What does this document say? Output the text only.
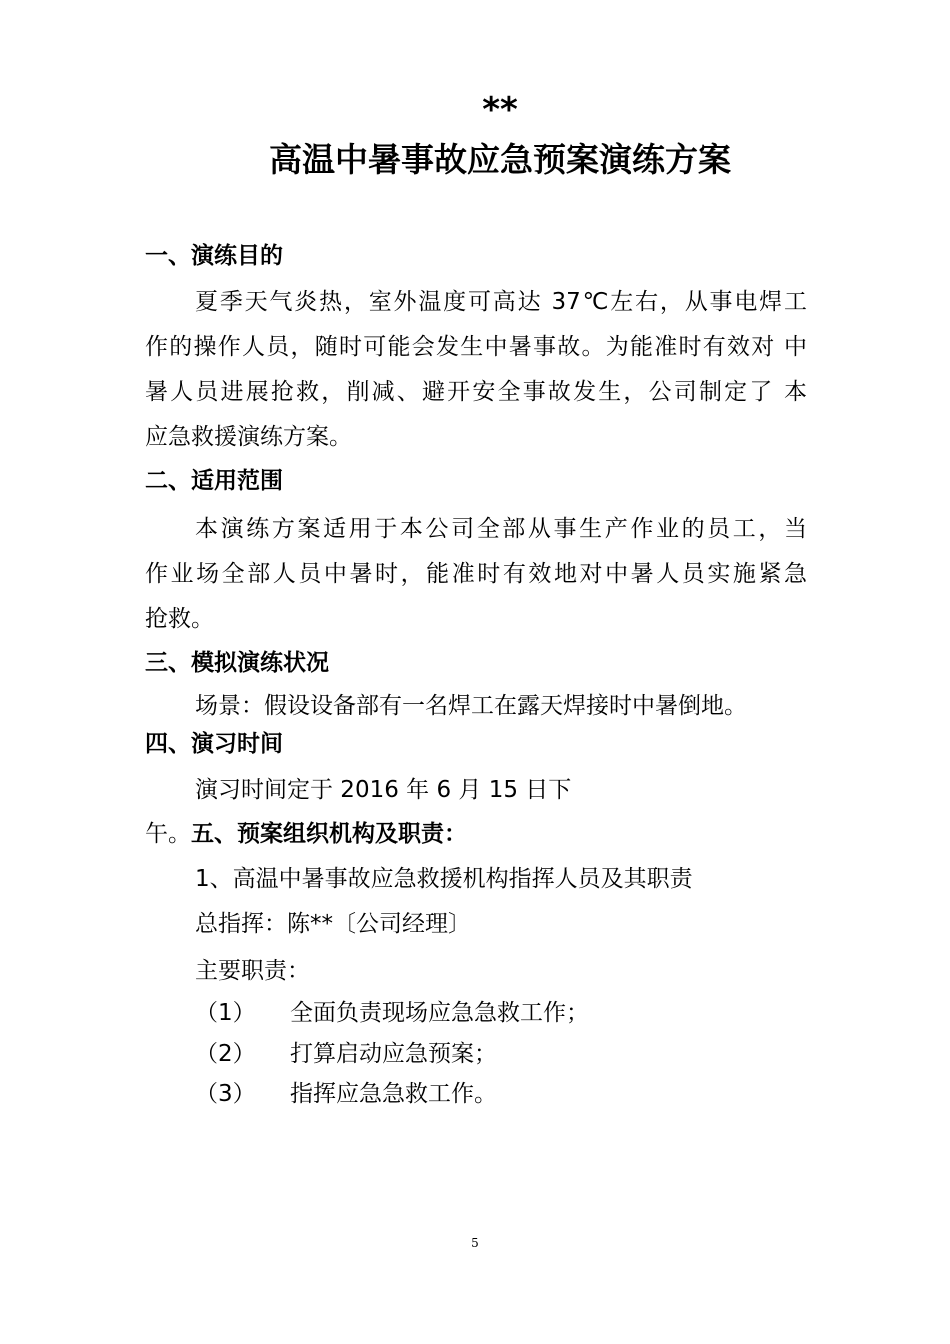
**
高温中暑事故应急预案演练方案
一、演练目的
夏季天气炎热，室外温度可高达 37℃左右，从事电焊工
作的操作人员，随时可能会发生中暑事故。为能准时有效对 中
暑人员进展抢救，削减、避开安全事故发生，公司制定了 本
应急救援演练方案。
二、适用范围
本演练方案适用于本公司全部从事生产作业的员工，当
作业场全部人员中暑时，能准时有效地对中暑人员实施紧急
抢救。
三、模拟演练状况
场景：假设设备部有一名焊工在露天焊接时中暑倒地。
四、演习时间
演习时间定于 2016 年 6 月 15 日下
午。五、预案组织机构及职责：
1、高温中暑事故应急救援机构指挥人员及其职责
总指挥：陈**〔公司经理〕
主要职责：
（1） 全面负责现场应急急救工作；
（2） 打算启动应急预案；
（3） 指挥应急急救工作。
5
